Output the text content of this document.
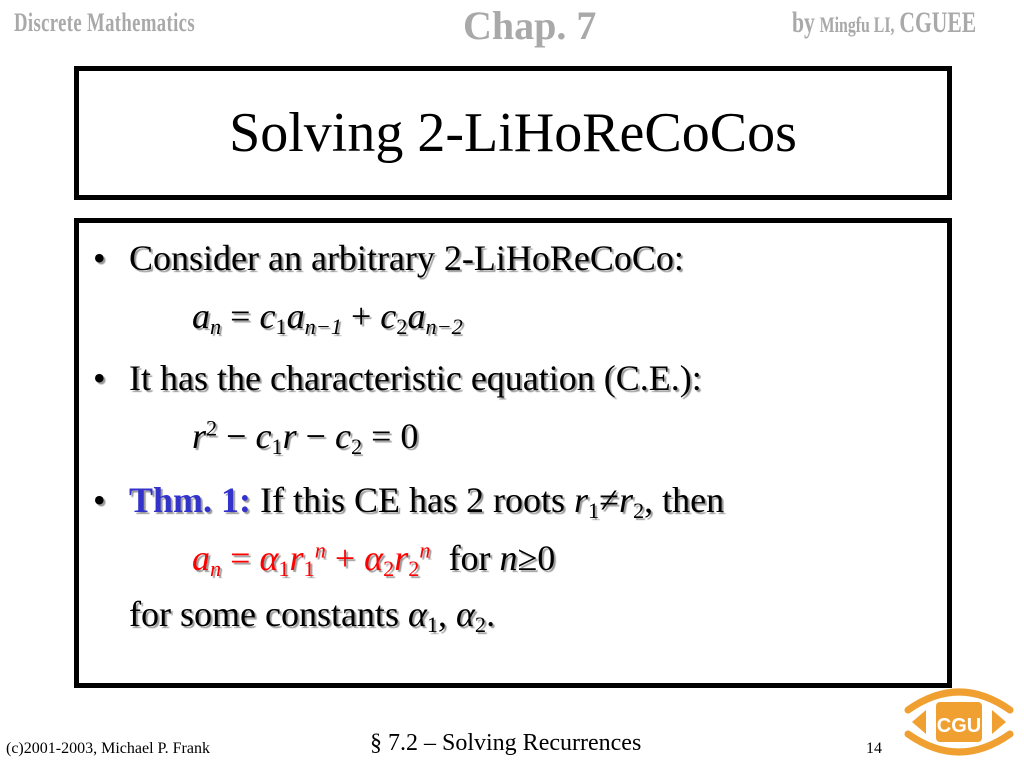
Discrete Mathematics	Chap. 7	by Mingfu LI, CGUEE
Solving 2-LiHoReCoCos
• Consider an arbitrary 2-LiHoReCoCo:
$a_n = c_1a_{n-1} + c_2a_{n-2}$
• It has the characteristic equation (C.E.):
$r^2 - c_1r - c_2 = 0$
• Thm. 1: If this CE has 2 roots $r_1\ne r_2$, then
$a_n = \alpha_1r_1^n + \alpha_2r_2^n$ for n≥0
for some constants $\alpha_1$, $\alpha_2$.
(c)2001-2003, Michael P. Frank	§ 7.2 – Solving Recurrences	14
CGU
